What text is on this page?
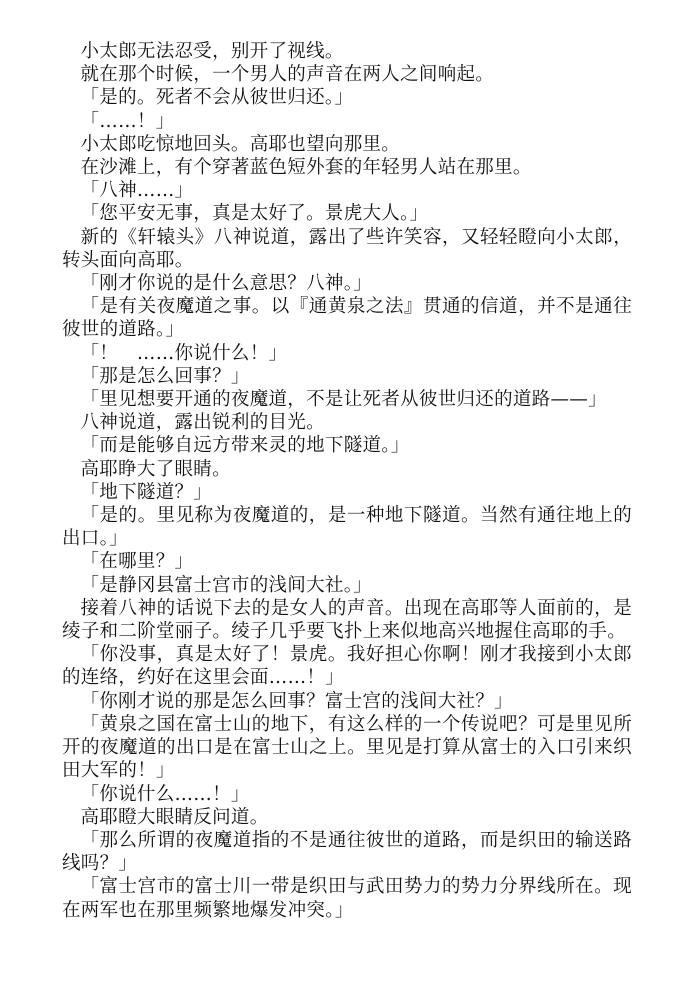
小太郎无法忍受，别开了视线。

就在那个时候，一个男人的声音在两人之间响起。

「是的。死者不会从彼世归还。」

「……！」

小太郎吃惊地回头。高耶也望向那里。

在沙滩上，有个穿著蓝色短外套的年轻男人站在那里。

「八神……」

「您平安无事，真是太好了。景虎大人。」

新的《轩辕头》八神说道，露出了些许笑容，又轻轻瞪向小太郎，转头面向高耶。

「刚才你说的是什么意思？八神。」

「是有关夜魔道之事。以『通黄泉之法』贯通的信道，并不是通往彼世的道路。」

「！　……你说什么！」

「那是怎么回事？」

「里见想要开通的夜魔道，不是让死者从彼世归还的道路——」

八神说道，露出锐利的目光。

「而是能够自远方带来灵的地下隧道。」

高耶睁大了眼睛。

「地下隧道？」

「是的。里见称为夜魔道的，是一种地下隧道。当然有通往地上的出口。」

「在哪里？」

「是静冈县富士宫市的浅间大社。」

接着八神的话说下去的是女人的声音。出现在高耶等人面前的，是绫子和二阶堂丽子。绫子几乎要飞扑上来似地高兴地握住高耶的手。

「你没事，真是太好了！景虎。我好担心你啊！刚才我接到小太郎的连络，约好在这里会面……！」

「你刚才说的那是怎么回事？富士宫的浅间大社？」

「黄泉之国在富士山的地下，有这么样的一个传说吧？可是里见所开的夜魔道的出口是在富士山之上。里见是打算从富士的入口引来织田大军的！」

「你说什么……！」

高耶瞪大眼睛反问道。

「那么所谓的夜魔道指的不是通往彼世的道路，而是织田的输送路线吗？」

「富士宫市的富士川一带是织田与武田势力的势力分界线所在。现在两军也在那里频繁地爆发冲突。」
